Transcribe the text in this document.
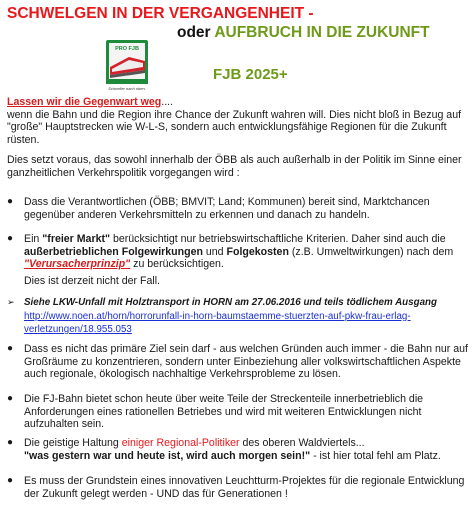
SCHWELGEN IN DER VERGANGENHEIT -
oder AUFBRUCH IN DIE ZUKUNFT
PRO FJB
Schneller nach oben.
FJB 2025+
Lassen wir die Gegenwart weg....
wenn die Bahn und die Region ihre Chance der Zukunft wahren will. Dies nicht bloß in Bezug auf "große" Hauptstrecken wie W-L-S, sondern auch entwicklungsfähige Regionen für die Zukunft rüsten.
Dies setzt voraus, das sowohl innerhalb der ÖBB als auch außerhalb in der Politik im Sinne einer ganzheitlichen Verkehrspolitik vorgegangen wird :
● Dass die Verantwortlichen (ÖBB; BMVIT; Land; Kommunen) bereit sind, Marktchancen gegenüber anderen Verkehrsmitteln zu erkennen und danach zu handeln.
● Ein "freier Markt" berücksichtigt nur betriebswirtschaftliche Kriterien. Daher sind auch die außerbetrieblichen Folgewirkungen und Folgekosten (z.B. Umweltwirkungen) nach dem "Verursacherprinzip" zu berücksichtigen.
Dies ist derzeit nicht der Fall.
➢ Siehe LKW-Unfall mit Holztransport in HORN am 27.06.2016 und teils tödlichem Ausgang
http://www.noen.at/horn/horrorunfall-in-horn-baumstaemme-stuerzten-auf-pkw-frau-erlag-verletzungen/18.955.053
● Dass es nicht das primäre Ziel sein darf - aus welchen Gründen auch immer - die Bahn nur auf Großräume zu konzentrieren, sondern unter Einbeziehung aller volkswirtschaftlichen Aspekte auch regionale, ökologisch nachhaltige Verkehrsprobleme zu lösen.
● Die FJ-Bahn bietet schon heute über weite Teile der Streckenteile innerbetrieblich die Anforderungen eines rationellen Betriebes und wird mit weiteren Entwicklungen nicht aufzuhalten sein.
● Die geistige Haltung einiger Regional-Politiker des oberen Waldviertels...
"was gestern war und heute ist, wird auch morgen sein!" - ist hier total fehl am Platz.
● Es muss der Grundstein eines innovativen Leuchtturm-Projektes für die regionale Entwicklung der Zukunft gelegt werden - UND das für Generationen !
